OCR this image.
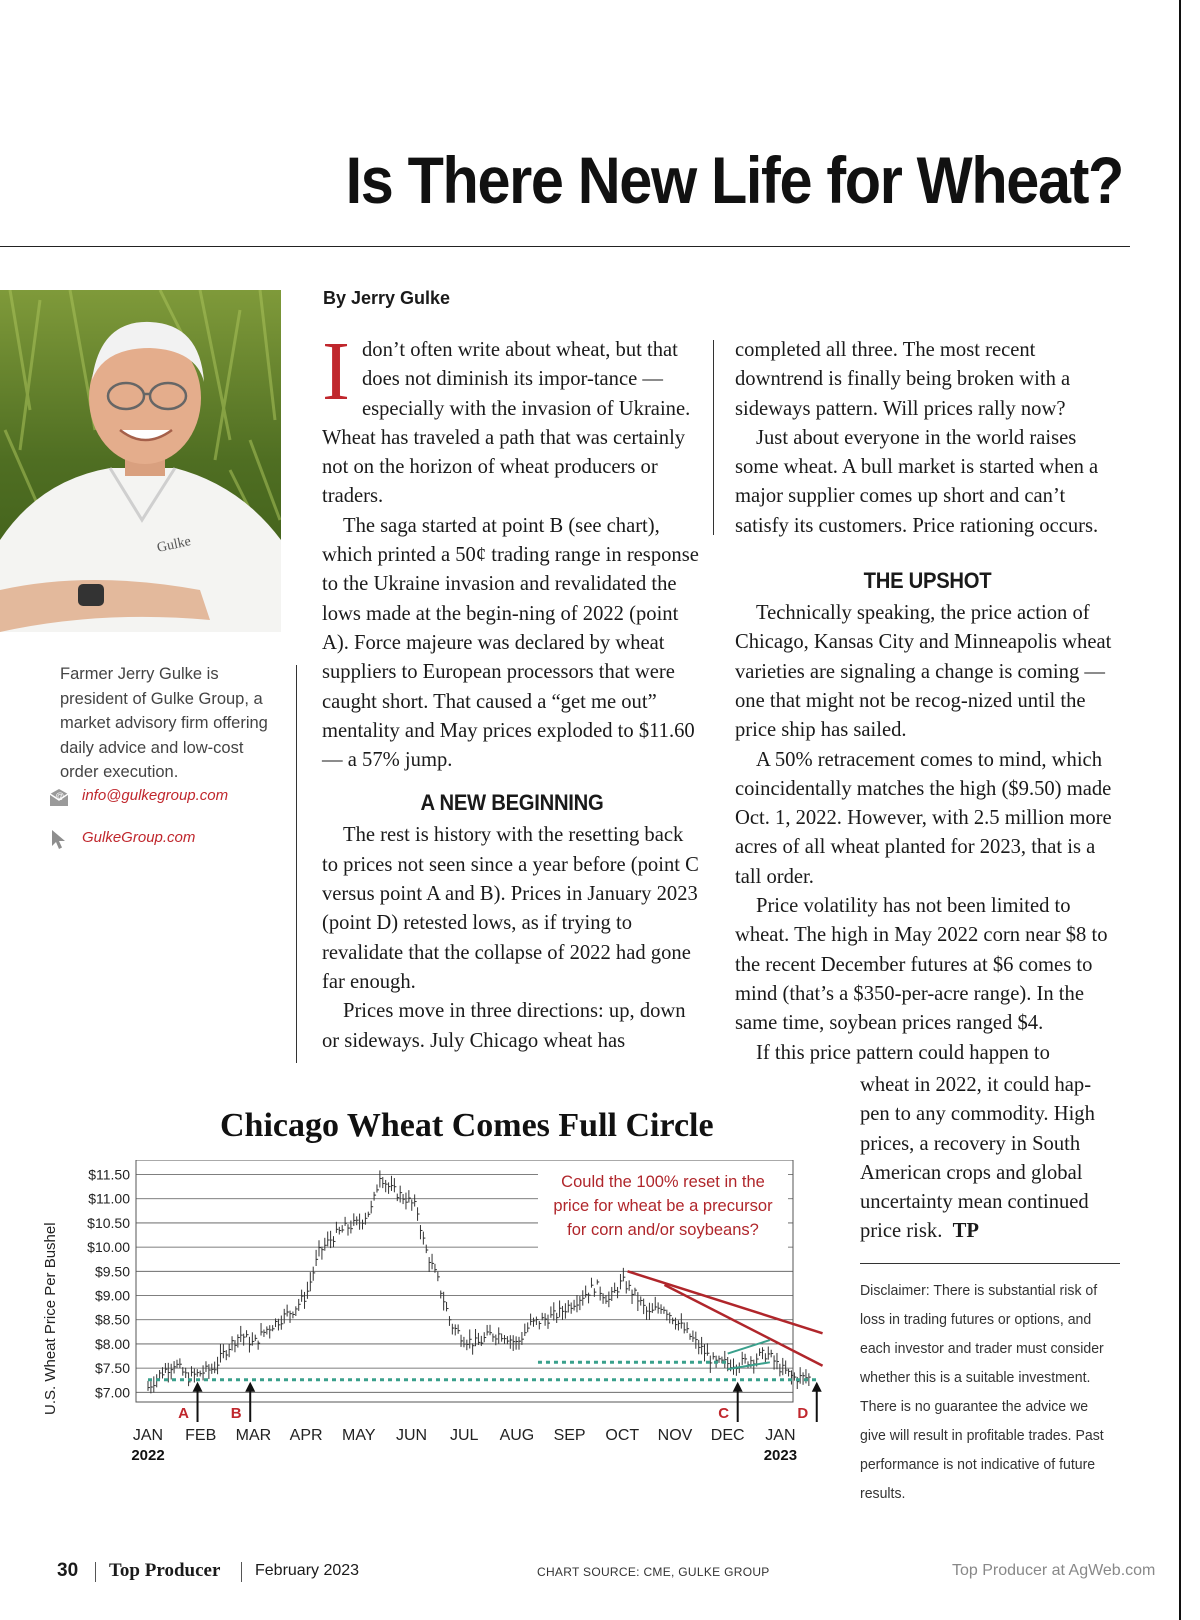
Is There New Life for Wheat?
Gulke
Farmer Jerry Gulke is president of Gulke Group, a market advisory firm offering daily advice and low-cost order execution.
@ info@gulkegroup.com
GulkeGroup.com
By Jerry Gulke

Idon’t often write about wheat, but that does not diminish its impor-tance — especially with the invasion of Ukraine. Wheat has traveled a path that was certainly not on the horizon of wheat producers or traders.

The saga started at point B (see chart), which printed a 50¢ trading range in response to the Ukraine invasion and revalidated the lows made at the begin-ning of 2022 (point A). Force majeure was declared by wheat suppliers to European processors that were caught short. That caused a “get me out” mentality and May prices exploded to $11.60 — a 57% jump.

A NEW BEGINNING

The rest is history with the resetting back to prices not seen since a year before (point C versus point A and B). Prices in January 2023 (point D) retested lows, as if trying to revalidate that the collapse of 2022 had gone far enough.

Prices move in three directions: up, down or sideways. July Chicago wheat has

completed all three. The most recent downtrend is finally being broken with a sideways pattern. Will prices rally now?

Just about everyone in the world raises some wheat. A bull market is started when a major supplier comes up short and can’t satisfy its customers. Price rationing occurs.

THE UPSHOT

Technically speaking, the price action of Chicago, Kansas City and Minneapolis wheat varieties are signaling a change is coming — one that might not be recog-nized until the price ship has sailed.

A 50% retracement comes to mind, which coincidentally matches the high ($9.50) made Oct. 1, 2022. However, with 2.5 million more acres of all wheat planted for 2023, that is a tall order.

Price volatility has not been limited to wheat. The high in May 2022 corn near $8 to the recent December futures at $6 comes to mind (that’s a $350-per-acre range). In the same time, soybean prices ranged $4.

If this price pattern could happen to

wheat in 2022, it could hap-pen to any commodity. High prices, a recovery in South American crops and global uncertainty mean continued price risk. TP

Disclaimer: There is substantial risk of loss in trading futures or options, and each investor and trader must consider whether this is a suitable investment. There is no guarantee the advice we give will result in profitable trades. Past performance is not indicative of future results.
Chicago Wheat Comes Full Circle
U.S. Wheat Price Per Bushel
$11.50
$11.00
$10.50
$10.00
$9.50
$9.00
$8.50
$8.00
$7.50
$7.00
JAN FEB MAR APR MAY JUN JUL AUG SEP OCT NOV DEC JAN
2022	2023
Could the 100% reset in the
price for wheat be a precursor
for corn and/or soybeans?
A	B	C	D
30 Top Producer February 2023	CHART SOURCE: CME, GULKE GROUP	Top Producer at AgWeb.com
